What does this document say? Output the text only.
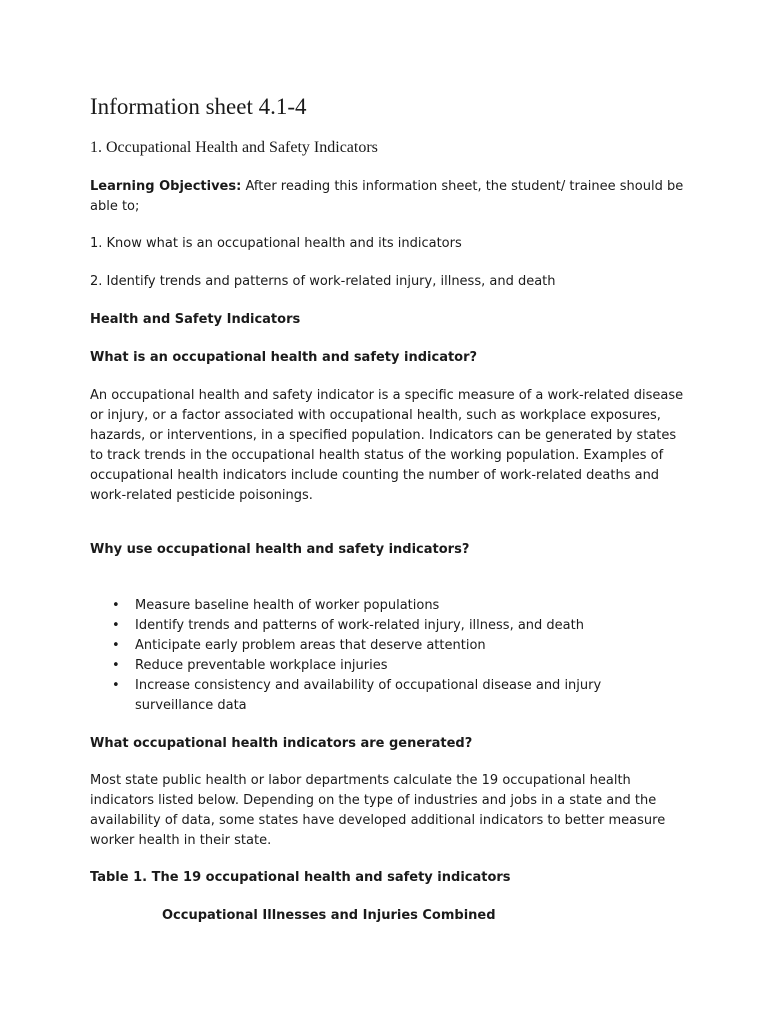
Information sheet 4.1-4
1. Occupational Health and Safety Indicators

Learning Objectives: After reading this information sheet, the student/ trainee should be able to;

1. Know what is an occupational health and its indicators

2. Identify trends and patterns of work-related injury, illness, and death

Health and Safety Indicators

What is an occupational health and safety indicator?

An occupational health and safety indicator is a specific measure of a work-related disease or injury, or a factor associated with occupational health, such as workplace exposures, hazards, or interventions, in a specified population. Indicators can be generated by states to track trends in the occupational health status of the working population. Examples of occupational health indicators include counting the number of work-related deaths and work-related pesticide poisonings.

Why use occupational health and safety indicators?

• Measure baseline health of worker populations
• Identify trends and patterns of work-related injury, illness, and death
• Anticipate early problem areas that deserve attention
• Reduce preventable workplace injuries
• Increase consistency and availability of occupational disease and injury surveillance data

What occupational health indicators are generated?

Most state public health or labor departments calculate the 19 occupational health indicators listed below. Depending on the type of industries and jobs in a state and the availability of data, some states have developed additional indicators to better measure worker health in their state.

Table 1. The 19 occupational health and safety indicators

Occupational Illnesses and Injuries Combined
